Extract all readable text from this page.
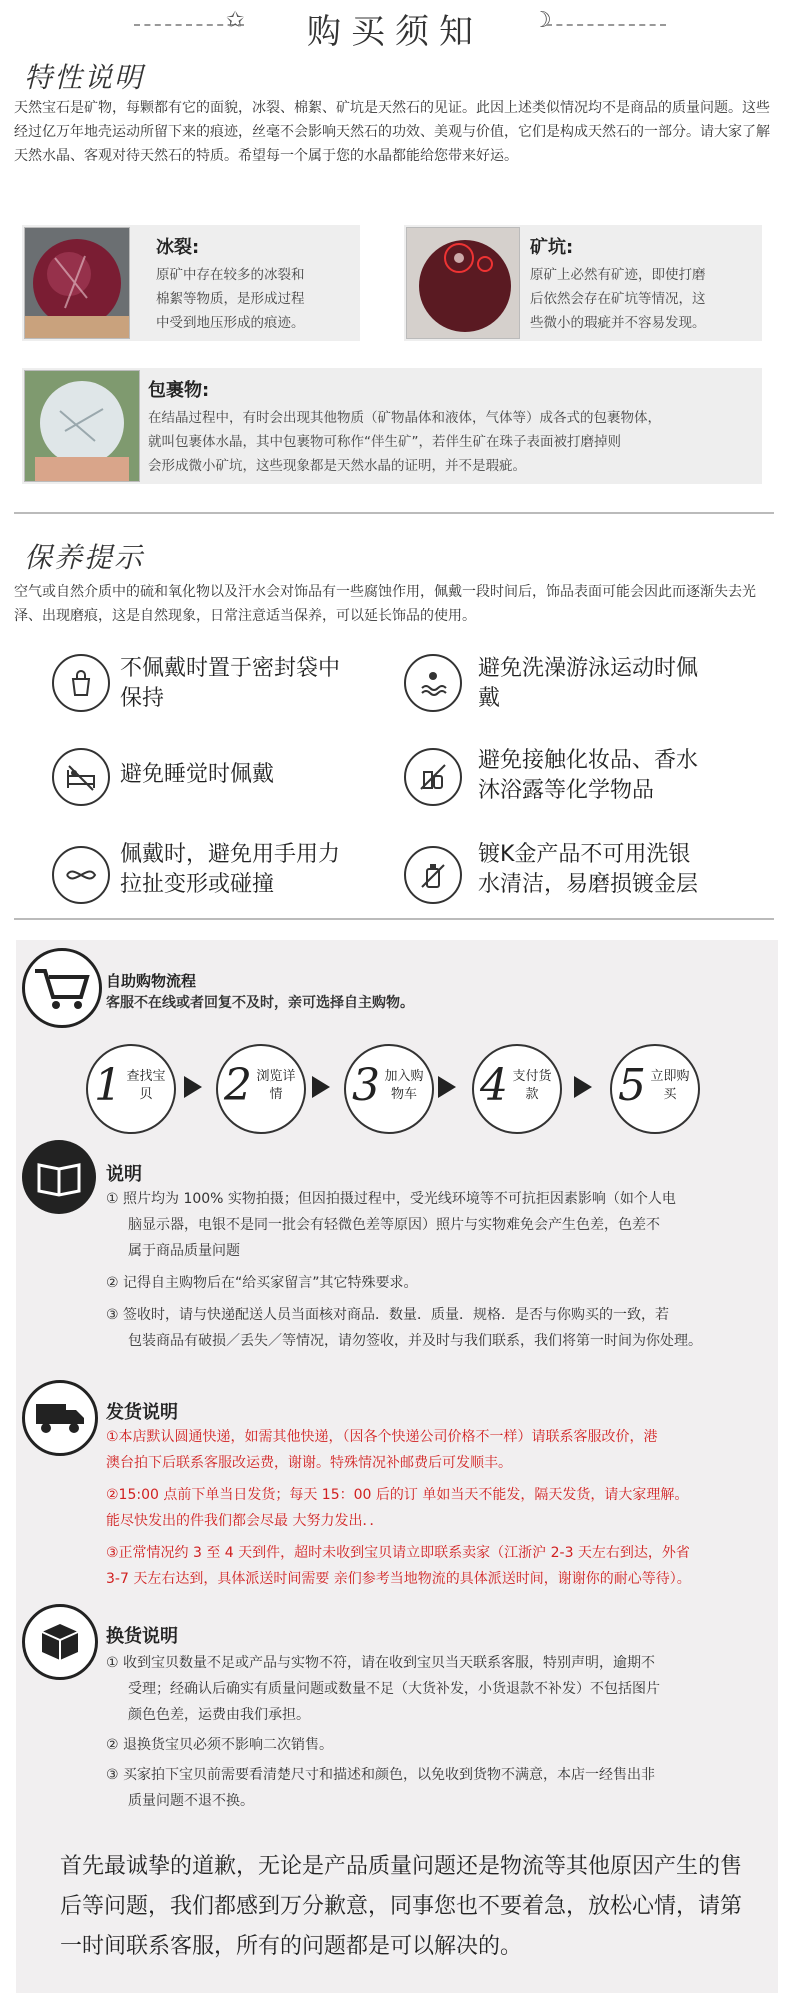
✩	购买须知	☽
特性说明
天然宝石是矿物，每颗都有它的面貌，冰裂、棉絮、矿坑是天然石的见证。此因上述类似情况均不是商品的质量问题。这些经过亿万年地壳运动所留下来的痕迹，丝毫不会影响天然石的功效、美观与价值，它们是构成天然石的一部分。请大家了解天然水晶、客观对待天然石的特质。希望每一个属于您的水晶都能给您带来好运。
冰裂:
原矿中存在较多的冰裂和
棉絮等物质，是形成过程
中受到地压形成的痕迹。
矿坑:
原矿上必然有矿迹，即使打磨
后依然会存在矿坑等情况，这
些微小的瑕疵并不容易发现。
包裹物:
在结晶过程中，有时会出现其他物质（矿物晶体和液体，气体等）成各式的包裹物体，
就叫包裹体水晶，其中包裹物可称作“伴生矿”，若伴生矿在珠子表面被打磨掉则
会形成微小矿坑，这些现象都是天然水晶的证明，并不是瑕疵。
保养提示
空气或自然介质中的硫和氧化物以及汗水会对饰品有一些腐蚀作用，佩戴一段时间后，饰品表面可能会因此而逐渐失去光泽、出现磨痕，这是自然现象，日常注意适当保养，可以延长饰品的使用。
不佩戴时置于密封袋中
保持
避免洗澡游泳运动时佩
戴
避免睡觉时佩戴
避免接触化妆品、香水
沐浴露等化学物品
佩戴时，避免用手用力
拉扯变形或碰撞
镀K金产品不可用洗银
水清洁，易磨损镀金层
自助购物流程
客服不在线或者回复不及时，亲可选择自主购物。
1 查找宝贝	2 浏览详情	3 加入购物车 4 支付货款	5 立即购买
说明
① 照片均为 100% 实物拍摄；但因拍摄过程中，受光线环境等不可抗拒因素影响（如个人电
脑显示器，电银不是同一批会有轻微色差等原因）照片与实物难免会产生色差，色差不
属于商品质量问题
② 记得自主购物后在“给买家留言”其它特殊要求。
③ 签收时，请与快递配送人员当面核对商品．数量．质量．规格．是否与你购买的一致，若
包装商品有破损／丢失／等情况，请勿签收，并及时与我们联系，我们将第一时间为你处理。
发货说明
①本店默认圆通快递，如需其他快递，（因各个快递公司价格不一样）请联系客服改价，港
澳台拍下后联系客服改运费，谢谢。特殊情况补邮费后可发顺丰。
②15:00 点前下单当日发货；每天 15：00 后的订 单如当天不能发，隔天发货，请大家理解。
能尽快发出的件我们都会尽最 大努力发出．．
③正常情况约 3 至 4 天到件，超时未收到宝贝请立即联系卖家（江浙沪 2-3 天左右到达，外省
3-7 天左右达到，具体派送时间需要 亲们参考当地物流的具体派送时间，谢谢你的耐心等待）。
换货说明
① 收到宝贝数量不足或产品与实物不符，请在收到宝贝当天联系客服，特别声明，逾期不
受理；经确认后确实有质量问题或数量不足（大货补发，小货退款不补发）不包括图片
颜色色差，运费由我们承担。
② 退换货宝贝必须不影响二次销售。
③ 买家拍下宝贝前需要看清楚尺寸和描述和颜色，以免收到货物不满意，本店一经售出非
质量问题不退不换。
首先最诚挚的道歉，无论是产品质量问题还是物流等其他原因产生的售
后等问题，我们都感到万分歉意，同事您也不要着急，放松心情，请第
一时间联系客服，所有的问题都是可以解决的。
